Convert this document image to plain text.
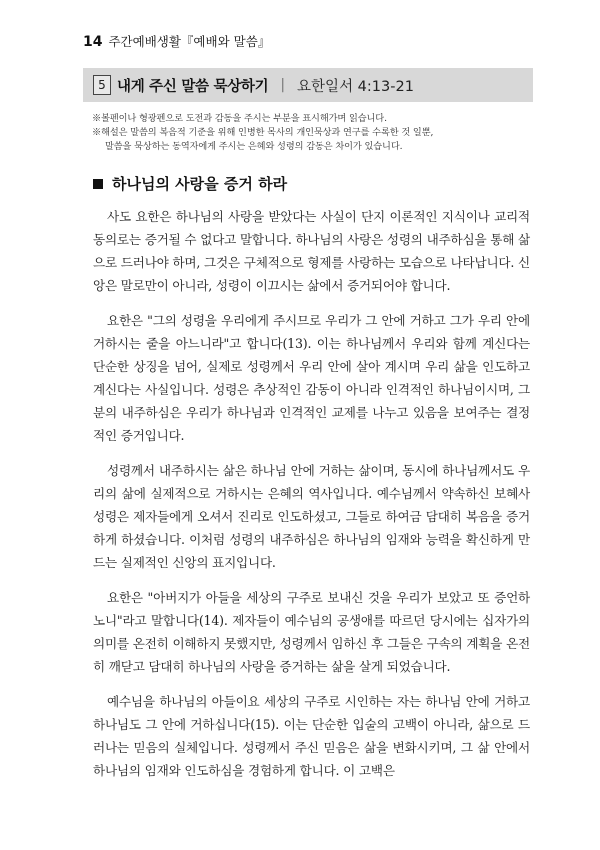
14 주간예배생활『예배와 말씀』
5 내게 주신 말씀 묵상하기 | 요한일서 4:13-21
※볼펜이나 형광펜으로 도전과 감동을 주시는 부분을 표시해가며 읽습니다.
※해설은 말씀의 복음적 기준을 위해 인병한 목사의 개인묵상과 연구를 수록한 것 일뿐,
말씀을 묵상하는 동역자에게 주시는 은혜와 성령의 감동은 차이가 있습니다.
하나님의 사랑을 증거 하라

사도 요한은 하나님의 사랑을 받았다는 사실이 단지 이론적인 지식이나 교리적 동의로는 증거될 수 없다고 말합니다. 하나님의 사랑은 성령의 내주하심을 통해 삶으로 드러나야 하며, 그것은 구체적으로 형제를 사랑하는 모습으로 나타납니다. 신앙은 말로만이 아니라, 성령이 이끄시는 삶에서 증거되어야 합니다.

요한은 "그의 성령을 우리에게 주시므로 우리가 그 안에 거하고 그가 우리 안에 거하시는 줄을 아느니라"고 합니다(13). 이는 하나님께서 우리와 함께 계신다는 단순한 상징을 넘어, 실제로 성령께서 우리 안에 살아 계시며 우리 삶을 인도하고 계신다는 사실입니다. 성령은 추상적인 감동이 아니라 인격적인 하나님이시며, 그분의 내주하심은 우리가 하나님과 인격적인 교제를 나누고 있음을 보여주는 결정적인 증거입니다.

성령께서 내주하시는 삶은 하나님 안에 거하는 삶이며, 동시에 하나님께서도 우리의 삶에 실제적으로 거하시는 은혜의 역사입니다. 예수님께서 약속하신 보혜사 성령은 제자들에게 오셔서 진리로 인도하셨고, 그들로 하여금 담대히 복음을 증거하게 하셨습니다. 이처럼 성령의 내주하심은 하나님의 임재와 능력을 확신하게 만드는 실제적인 신앙의 표지입니다.

요한은 "아버지가 아들을 세상의 구주로 보내신 것을 우리가 보았고 또 증언하노니"라고 말합니다(14). 제자들이 예수님의 공생애를 따르던 당시에는 십자가의 의미를 온전히 이해하지 못했지만, 성령께서 임하신 후 그들은 구속의 계획을 온전히 깨닫고 담대히 하나님의 사랑을 증거하는 삶을 살게 되었습니다.

예수님을 하나님의 아들이요 세상의 구주로 시인하는 자는 하나님 안에 거하고 하나님도 그 안에 거하십니다(15). 이는 단순한 입술의 고백이 아니라, 삶으로 드러나는 믿음의 실체입니다. 성령께서 주신 믿음은 삶을 변화시키며, 그 삶 안에서 하나님의 임재와 인도하심을 경험하게 합니다. 이 고백은
